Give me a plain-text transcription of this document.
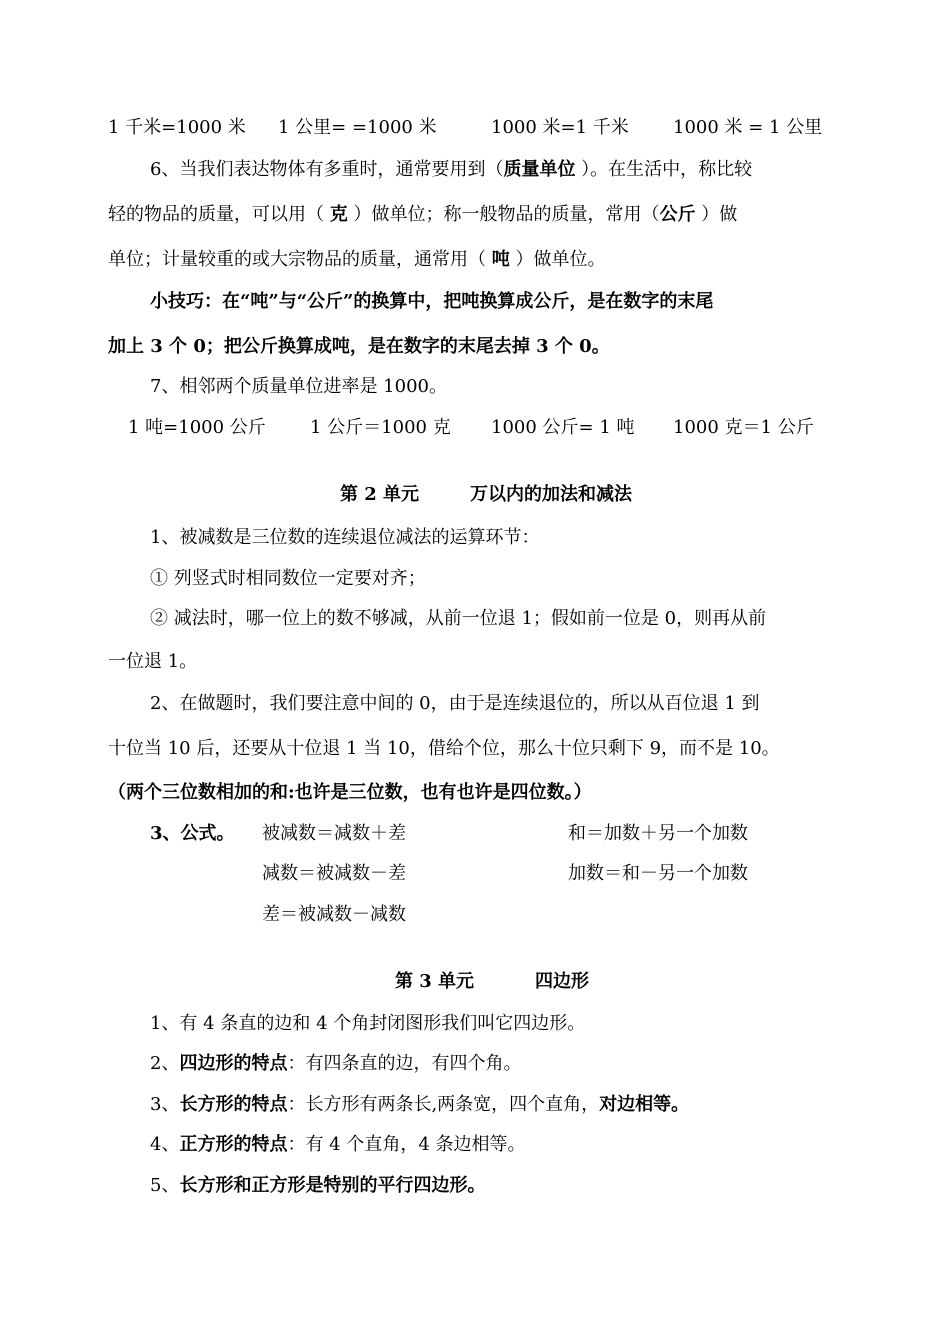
1 千米=1000 米 1 公里= =1000 米	1000 米=1 千米 1000 米 = 1 公里
6、当我们表达物体有多重时，通常要用到（质量单位 ）。在生活中，称比较
轻的物品的质量，可以用（ 克 ）做单位；称一般物品的质量，常用（公斤 ）做
单位；计量较重的或大宗物品的质量，通常用（ 吨 ）做单位。
小技巧：在“吨”与“公斤”的换算中，把吨换算成公斤，是在数字的末尾
加上 3 个 0；把公斤换算成吨，是在数字的末尾去掉 3 个 0。
7、相邻两个质量单位进率是 1000。
1 吨=1000 公斤 1 公斤＝1000 克 1000 公斤= 1 吨 1000 克＝1 公斤
第 2 单元	万以内的加法和减法
1、被减数是三位数的连续退位减法的运算环节：
① 列竖式时相同数位一定要对齐；
② 减法时，哪一位上的数不够减，从前一位退 1；假如前一位是 0，则再从前
一位退 1。
2、在做题时，我们要注意中间的 0，由于是连续退位的，所以从百位退 1 到
十位当 10 后，还要从十位退 1 当 10，借给个位，那么十位只剩下 9，而不是 10。
（两个三位数相加的和:也许是三位数，也有也许是四位数。）
3、公式。 被减数＝减数＋差	和＝加数＋另一个加数
减数＝被减数－差	加数＝和－另一个加数
差＝被减数－减数
第 3 单元	四边形
1、有 4 条直的边和 4 个角封闭图形我们叫它四边形。
2、四边形的特点：有四条直的边，有四个角。
3、长方形的特点：长方形有两条长,两条宽，四个直角，对边相等。
4、正方形的特点：有 4 个直角，4 条边相等。
5、长方形和正方形是特别的平行四边形。
